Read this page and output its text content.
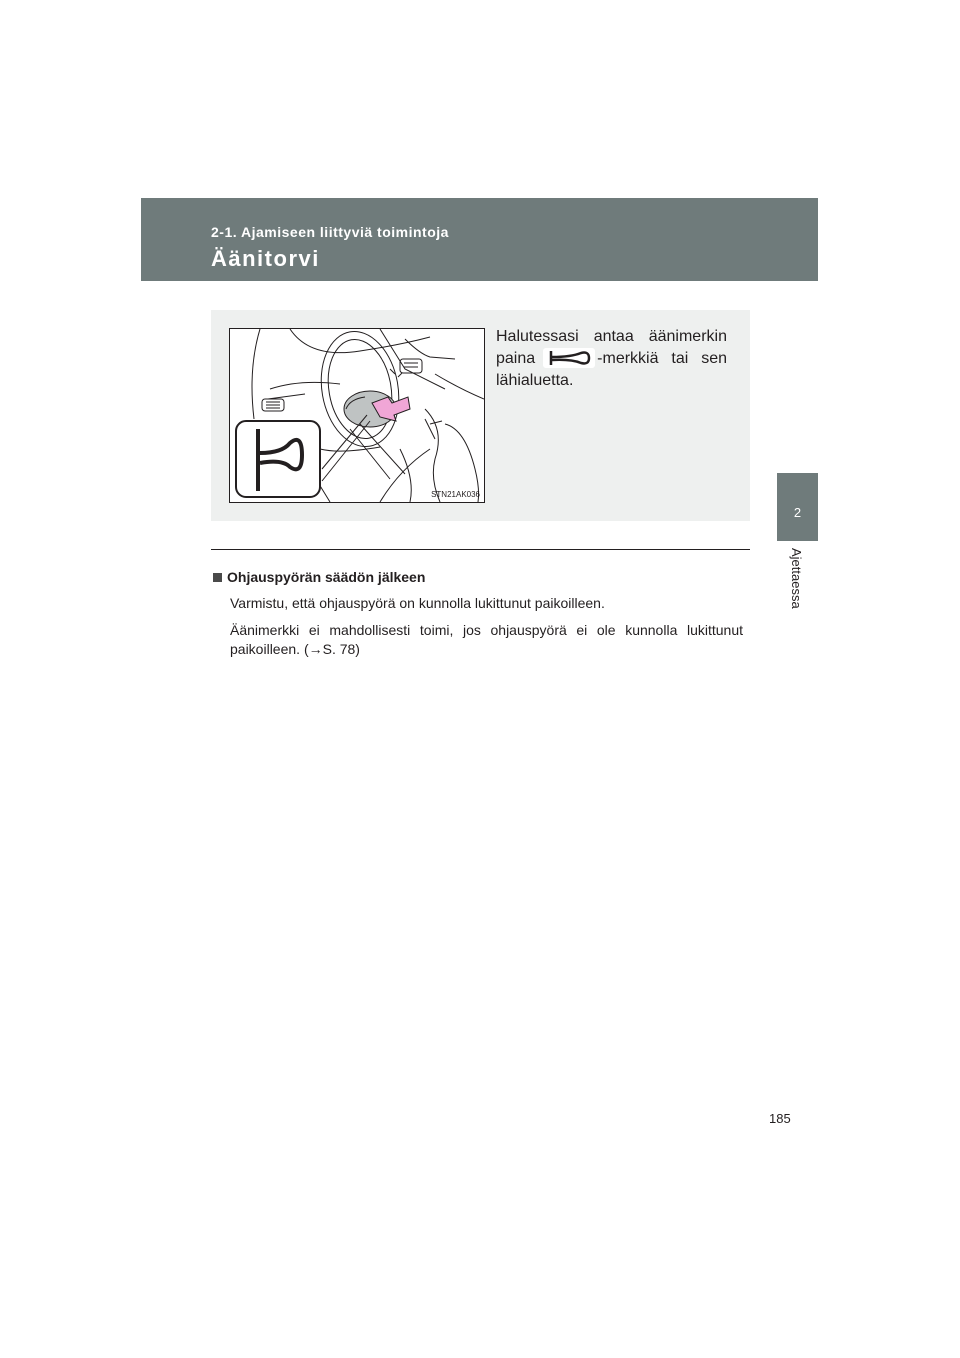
2-1. Ajamiseen liittyviä toimintoja
Äänitorvi
2
Ajettaessa
STN21AK036
Halutessasi antaa äänimerkin
paina	-merkkiä tai sen
lähialuetta.
Ohjauspyörän säädön jälkeen

Varmistu, että ohjauspyörä on kunnolla lukittunut paikoilleen.

Äänimerkki ei mahdollisesti toimi, jos ohjauspyörä ei ole kunnolla lukittunut paikoilleen. (→S. 78)

185
